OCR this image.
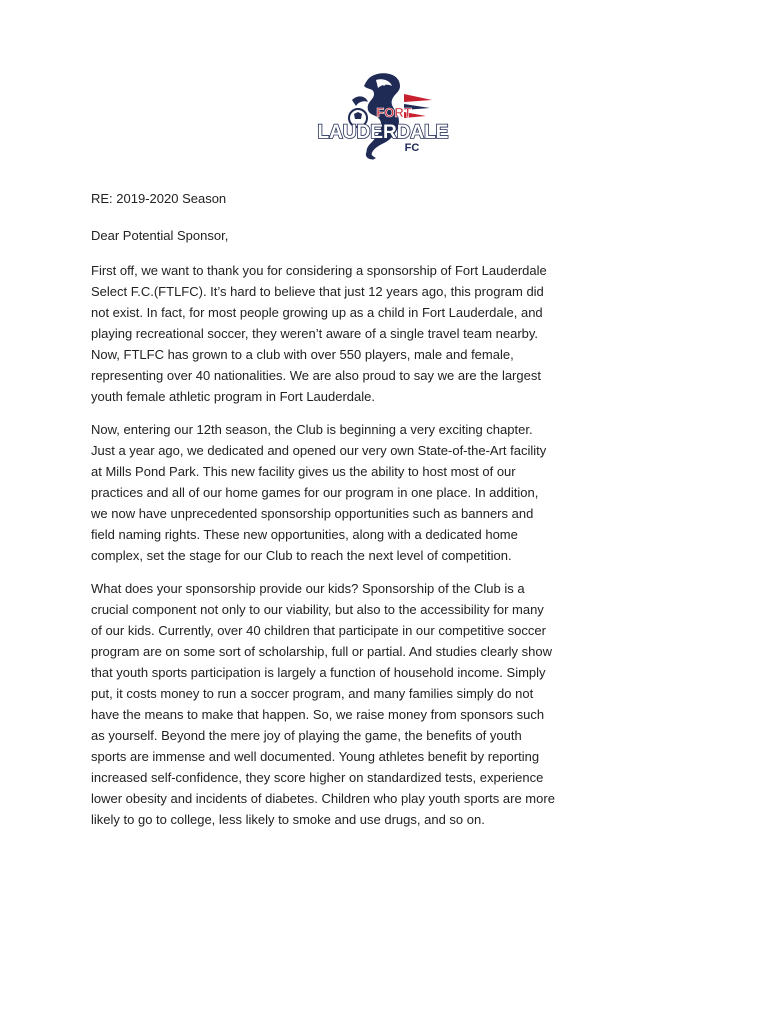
FORT
LAUDERDALE
FC

RE: 2019-2020 Season

Dear Potential Sponsor,

First off, we want to thank you for considering a sponsorship of Fort Lauderdale
Select F.C.(FTLFC). It’s hard to believe that just 12 years ago, this program did
not exist. In fact, for most people growing up as a child in Fort Lauderdale, and
playing recreational soccer, they weren’t aware of a single travel team nearby.
Now, FTLFC has grown to a club with over 550 players, male and female,
representing over 40 nationalities. We are also proud to say we are the largest
youth female athletic program in Fort Lauderdale.

Now, entering our 12th season, the Club is beginning a very exciting chapter.
Just a year ago, we dedicated and opened our very own State-of-the-Art facility
at Mills Pond Park. This new facility gives us the ability to host most of our
practices and all of our home games for our program in one place. In addition,
we now have unprecedented sponsorship opportunities such as banners and
field naming rights. These new opportunities, along with a dedicated home
complex, set the stage for our Club to reach the next level of competition.

What does your sponsorship provide our kids? Sponsorship of the Club is a
crucial component not only to our viability, but also to the accessibility for many
of our kids. Currently, over 40 children that participate in our competitive soccer
program are on some sort of scholarship, full or partial. And studies clearly show
that youth sports participation is largely a function of household income. Simply
put, it costs money to run a soccer program, and many families simply do not
have the means to make that happen. So, we raise money from sponsors such
as yourself. Beyond the mere joy of playing the game, the benefits of youth
sports are immense and well documented. Young athletes benefit by reporting
increased self-confidence, they score higher on standardized tests, experience
lower obesity and incidents of diabetes. Children who play youth sports are more
likely to go to college, less likely to smoke and use drugs, and so on.
